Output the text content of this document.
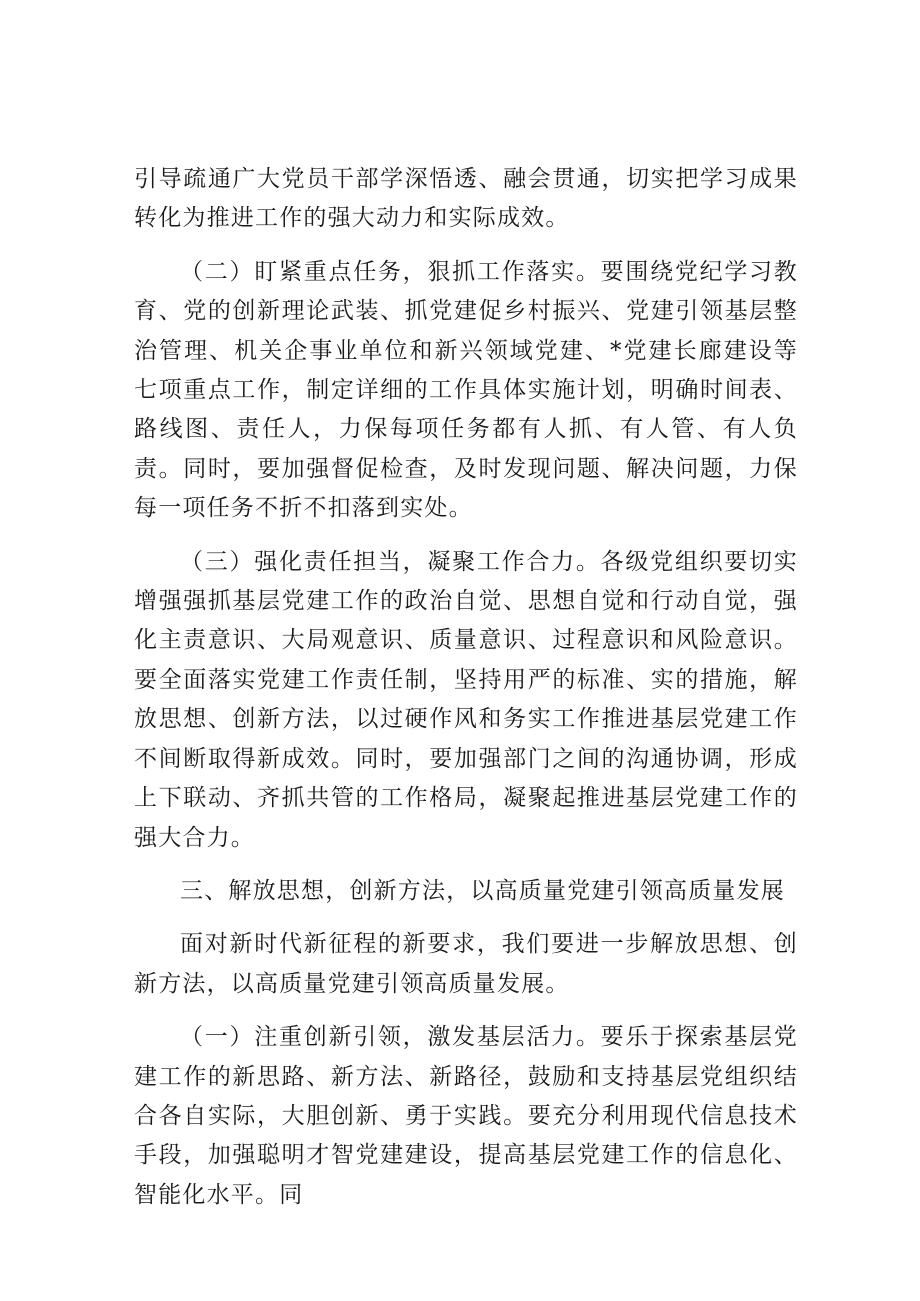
引导疏通广大党员干部学深悟透、融会贯通，切实把学习成果转化为推进工作的强大动力和实际成效。

（二）盯紧重点任务，狠抓工作落实。要围绕党纪学习教育、党的创新理论武装、抓党建促乡村振兴、党建引领基层整治管理、机关企事业单位和新兴领域党建、*党建长廊建设等七项重点工作，制定详细的工作具体实施计划，明确时间表、路线图、责任人，力保每项任务都有人抓、有人管、有人负责。同时，要加强督促检查，及时发现问题、解决问题，力保每一项任务不折不扣落到实处。

（三）强化责任担当，凝聚工作合力。各级党组织要切实增强强抓基层党建工作的政治自觉、思想自觉和行动自觉，强化主责意识、大局观意识、质量意识、过程意识和风险意识。要全面落实党建工作责任制，坚持用严的标准、实的措施，解放思想、创新方法，以过硬作风和务实工作推进基层党建工作不间断取得新成效。同时，要加强部门之间的沟通协调，形成上下联动、齐抓共管的工作格局，凝聚起推进基层党建工作的强大合力。

三、解放思想，创新方法，以高质量党建引领高质量发展

面对新时代新征程的新要求，我们要进一步解放思想、创新方法，以高质量党建引领高质量发展。

（一）注重创新引领，激发基层活力。要乐于探索基层党建工作的新思路、新方法、新路径，鼓励和支持基层党组织结合各自实际，大胆创新、勇于实践。要充分利用现代信息技术手段，加强聪明才智党建建设，提高基层党建工作的信息化、智能化水平。同
